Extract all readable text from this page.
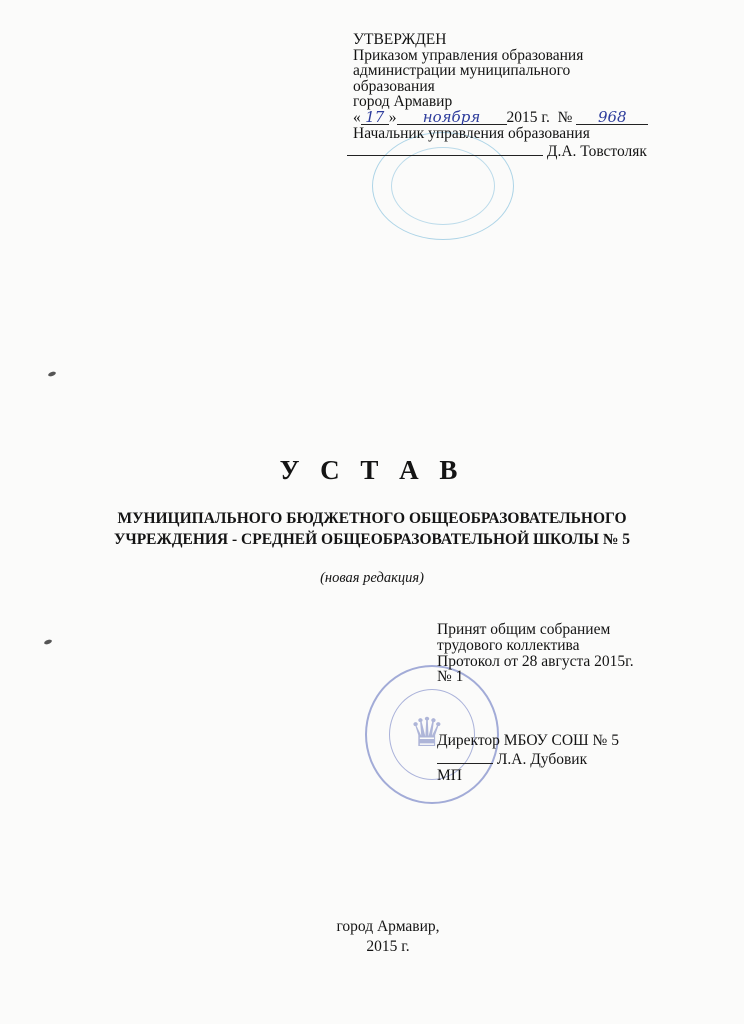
♛
УТВЕРЖДЕН
Приказом управления образования
администрации муниципального
образования
город Армавир
« 17 » ноября 2015 г. № 968
Начальник управления образования
Д.А. Товстоляк
У С Т А В
МУНИЦИПАЛЬНОГО БЮДЖЕТНОГО ОБЩЕОБРАЗОВАТЕЛЬНОГО
УЧРЕЖДЕНИЯ - СРЕДНЕЙ ОБЩЕОБРАЗОВАТЕЛЬНОЙ ШКОЛЫ № 5
(новая редакция)
Принят общим собранием
трудового коллектива
Протокол от 28 августа 2015г.
№ 1
Директор МБОУ СОШ № 5
Л.А. Дубовик
МП
город Армавир,
2015 г.
